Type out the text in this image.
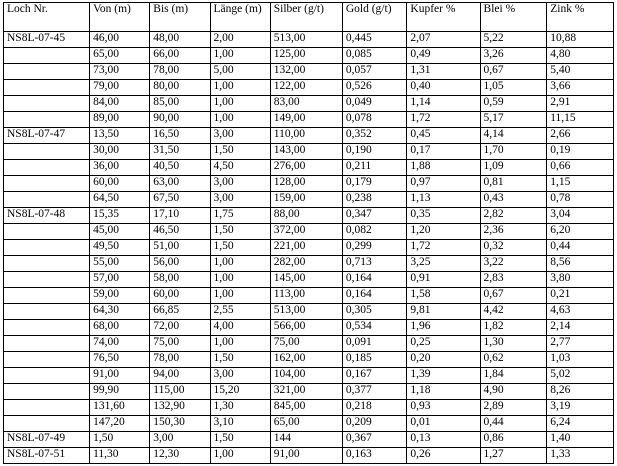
Loch Nr.	Von (m)	Bis (m)	Länge (m)	Silber (g/t)	Gold (g/t)	Kupfer %	Blei %	Zink %
NS8L-07-45	46,00	48,00	2,00	513,00	0,445	2,07	5,22	10,88
	65,00	66,00	1,00	125,00	0,085	0,49	3,26	4,80
	73,00	78,00	5,00	132,00	0,057	1,31	0,67	5,40
	79,00	80,00	1,00	122,00	0,526	0,40	1,05	3,66
	84,00	85,00	1,00	83,00	0,049	1,14	0,59	2,91
	89,00	90,00	1,00	149,00	0,078	1,72	5,17	11,15
NS8L-07-47	13,50	16,50	3,00	110,00	0,352	0,45	4,14	2,66
	30,00	31,50	1,50	143,00	0,190	0,17	1,70	0,19
	36,00	40,50	4,50	276,00	0,211	1,88	1,09	0,66
	60,00	63,00	3,00	128,00	0,179	0,97	0,81	1,15
	64,50	67,50	3,00	159,00	0,238	1,13	0,43	0,78
NS8L-07-48	15,35	17,10	1,75	88,00	0,347	0,35	2,82	3,04
	45,00	46,50	1,50	372,00	0,082	1,20	2,36	6,20
	49,50	51,00	1,50	221,00	0,299	1,72	0,32	0,44
	55,00	56,00	1,00	282,00	0,713	3,25	3,22	8,56
	57,00	58,00	1,00	145,00	0,164	0,91	2,83	3,80
	59,00	60,00	1,00	113,00	0,164	1,58	0,67	0,21
	64,30	66,85	2,55	513,00	0,305	9,81	4,42	4,63
	68,00	72,00	4,00	566,00	0,534	1,96	1,82	2,14
	74,00	75,00	1,00	75,00	0,091	0,25	1,30	2,77
	76,50	78,00	1,50	162,00	0,185	0,20	0,62	1,03
	91,00	94,00	3,00	104,00	0,167	1,39	1,84	5,02
	99,90	115,00	15,20	321,00	0,377	1,18	4,90	8,26
	131,60	132,90	1,30	845,00	0,218	0,93	2,89	3,19
	147,20	150,30	3,10	65,00	0,209	0,01	0,44	6,24
NS8L-07-49	1,50	3,00	1,50	144	0,367	0,13	0,86	1,40
NS8L-07-51	11,30	12,30	1,00	91,00	0,163	0,26	1,27	1,33
